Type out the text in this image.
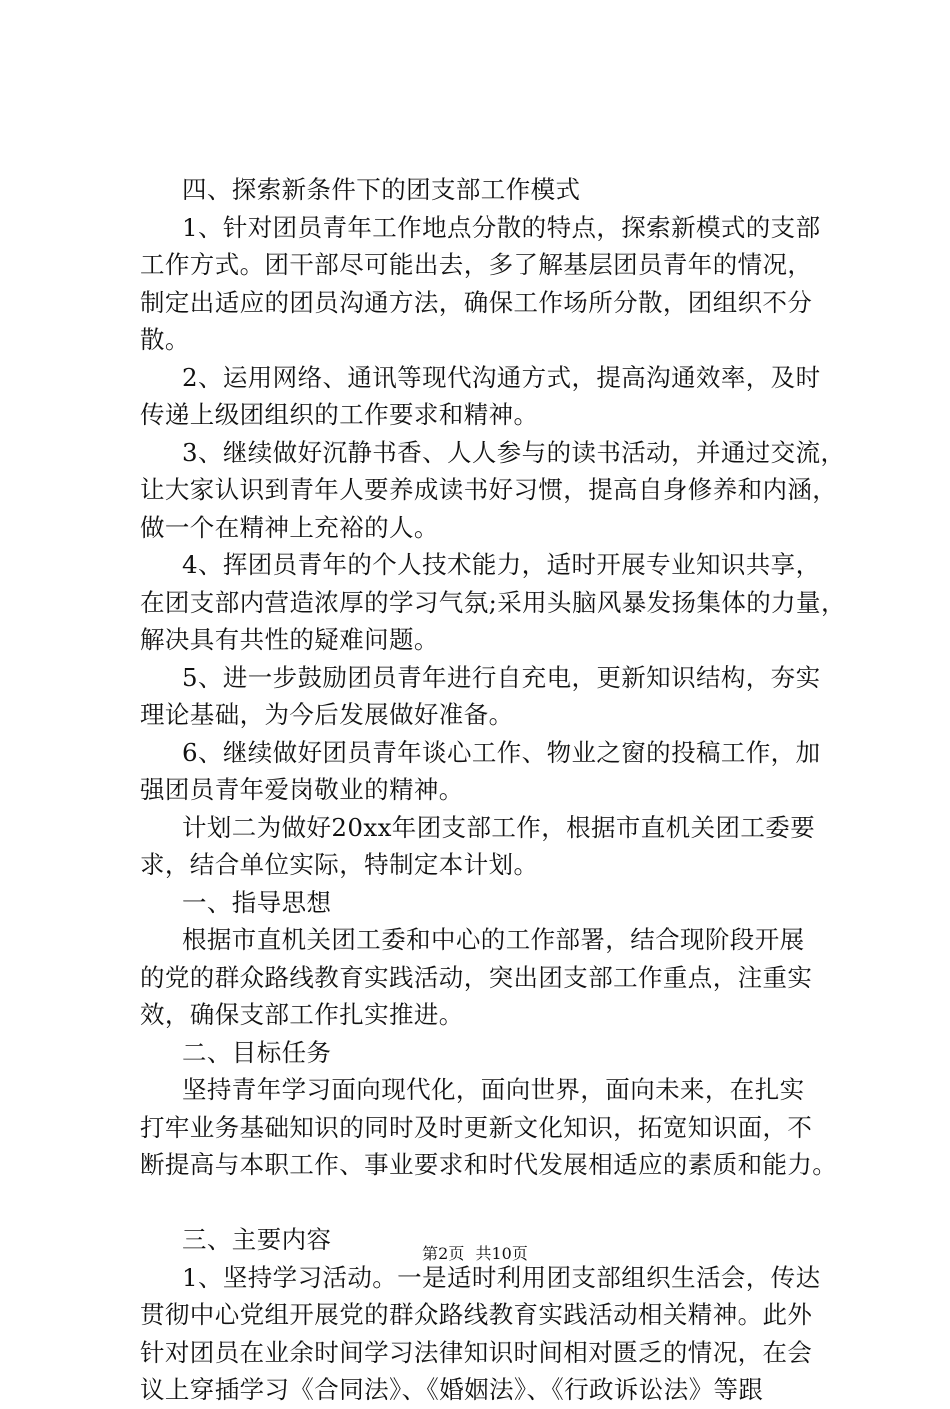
四、探索新条件下的团支部工作模式
1、针对团员青年工作地点分散的特点，探索新模式的支部
工作方式。团干部尽可能出去，多了解基层团员青年的情况，
制定出适应的团员沟通方法，确保工作场所分散，团组织不分
散。
2、运用网络、通讯等现代沟通方式，提高沟通效率，及时
传递上级团组织的工作要求和精神。
3、继续做好沉静书香、人人参与的读书活动，并通过交流，
让大家认识到青年人要养成读书好习惯，提高自身修养和内涵，
做一个在精神上充裕的人。
4、挥团员青年的个人技术能力，适时开展专业知识共享，
在团支部内营造浓厚的学习气氛;采用头脑风暴发扬集体的力量，
解决具有共性的疑难问题。
5、进一步鼓励团员青年进行自充电，更新知识结构，夯实
理论基础，为今后发展做好准备。
6、继续做好团员青年谈心工作、物业之窗的投稿工作，加
强团员青年爱岗敬业的精神。
计划二为做好20xx年团支部工作，根据市直机关团工委要
求，结合单位实际，特制定本计划。
一、指导思想
根据市直机关团工委和中心的工作部署，结合现阶段开展
的党的群众路线教育实践活动，突出团支部工作重点，注重实
效，确保支部工作扎实推进。
二、目标任务
坚持青年学习面向现代化，面向世界，面向未来，在扎实
打牢业务基础知识的同时及时更新文化知识，拓宽知识面，不
断提高与本职工作、事业要求和时代发展相适应的素质和能力。
三、主要内容
1、坚持学习活动。一是适时利用团支部组织生活会，传达
贯彻中心党组开展党的群众路线教育实践活动相关精神。此外
针对团员在业余时间学习法律知识时间相对匮乏的情况，在会
议上穿插学习《合同法》、《婚姻法》、《行政诉讼法》等跟
第2页 共10页
